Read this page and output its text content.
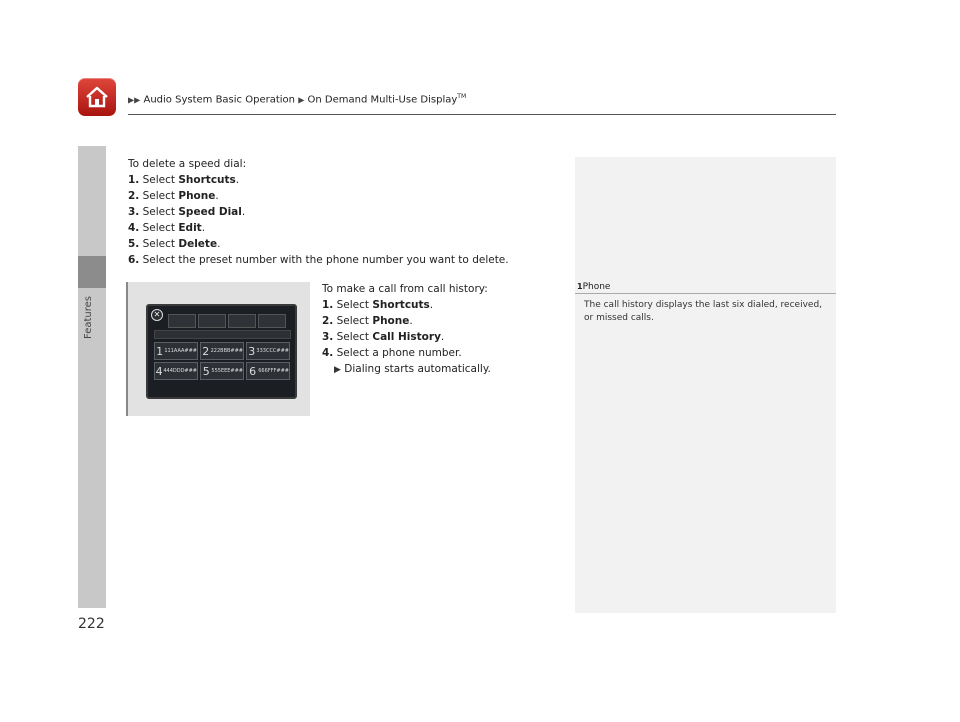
▶▶ Audio System Basic Operation ▶ On Demand Multi-Use Display™
Features
222

To delete a speed dial:

1. Select Shortcuts.

2. Select Phone.

3. Select Speed Dial.

4. Select Edit.

5. Select Delete.

6. Select the preset number with the phone number you want to delete.

✕
1 111AAA### 2 222BBB### 3 333CCC###
4 444DDD### 5 555EEE### 6 666FFF###

To make a call from call history:

1. Select Shortcuts.

2. Select Phone.

3. Select Call History.

4. Select a phone number.

▶ Dialing starts automatically.

1Phone
The call history displays the last six dialed, received, or missed calls.
